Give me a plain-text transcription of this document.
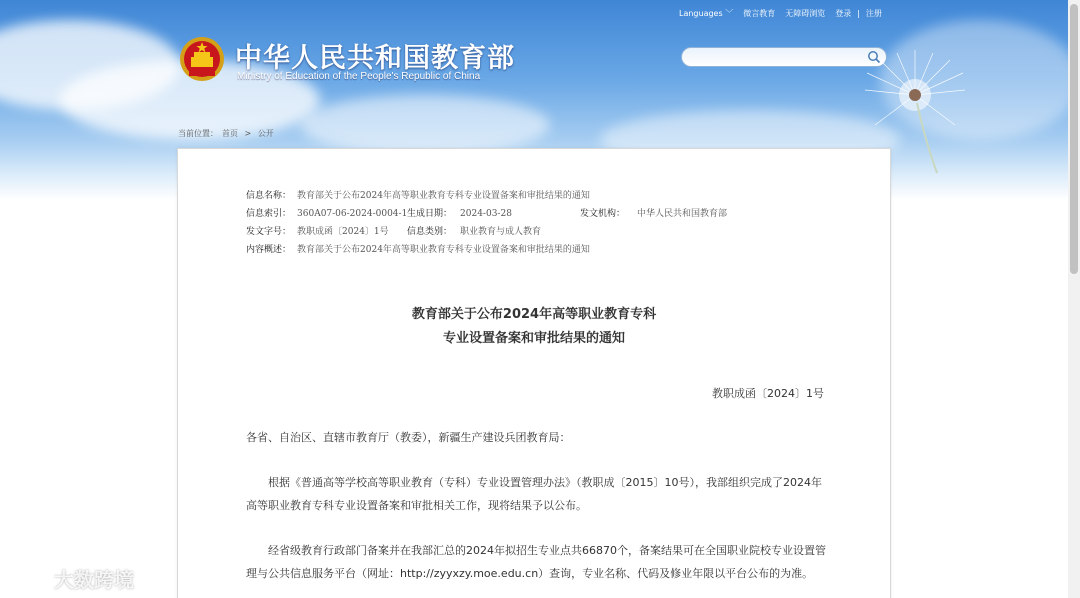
Languages ﹀ 微言教育 无障碍浏览 登录 | 注册
中华人民共和国教育部
Ministry of Education of the People's Republic of China
当前位置： 首页 > 公开
信息名称： 教育部关于公布2024年高等职业教育专科专业设置备案和审批结果的通知
信息索引： 360A07-06-2024-0004-1生成日期： 2024-03-28	发文机构： 中华人民共和国教育部
发文字号： 教职成函〔2024〕1号 信息类别： 职业教育与成人教育
内容概述： 教育部关于公布2024年高等职业教育专科专业设置备案和审批结果的通知
教育部关于公布2024年高等职业教育专科
专业设置备案和审批结果的通知
教职成函〔2024〕1号
各省、自治区、直辖市教育厅（教委），新疆生产建设兵团教育局：
根据《普通高等学校高等职业教育（专科）专业设置管理办法》（教职成〔2015〕10号），我部组织完成了2024年高等职业教育专科专业设置备案和审批相关工作，现将结果予以公布。
经省级教育行政部门备案并在我部汇总的2024年拟招生专业点共66870个，备案结果可在全国职业院校专业设置管理与公共信息服务平台（网址：http://zyyxzy.moe.edu.cn）查询，专业名称、代码及修业年限以平台公布的为准。
大数跨境
